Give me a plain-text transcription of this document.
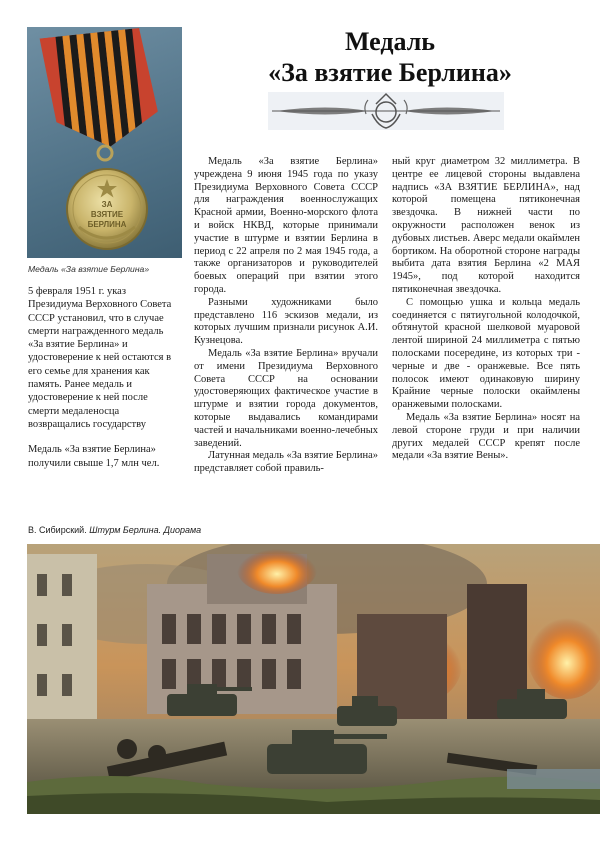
ЗА
ВЗЯТИЕ
БЕРЛИНА
Медаль «За взятие Берлина»
Медаль
«За взятие Берлина»

5 февраля 1951 г. указ Президиума Верховного Совета СССР установил, что в случае смерти награжденного медаль «За взятие Берлина» и удостоверение к ней остаются в его семье для хранения как память. Ранее медаль и удостоверение к ней после смерти медаленосца возвращались государству

Медаль «За взятие Берлина» получили свыше 1,7 млн чел.

Медаль «За взятие Берлина» учреждена 9 июня 1945 года по указу Президиума Верховного Совета СССР для награждения военнослужащих Красной армии, Военно-морского флота и войск НКВД, которые принимали участие в штурме и взятии Берлина в период с 22 апреля по 2 мая 1945 года, а также организаторов и руководителей боевых операций при взятии этого города.

Разными художниками было представлено 116 эскизов медали, из которых лучшим признали рисунок А.И. Кузнецова.

Медаль «За взятие Берлина» вручали от имени Президиума Верховного Совета СССР на основании удостоверяющих фактическое участие в штурме и взятии города документов, которые выдавались командирами частей и начальниками военно-лечебных заведений.

Латунная медаль «За взятие Берлина» представляет собой правиль-

ный круг диаметром 32 миллиметра. В центре ее лицевой стороны выдавлена надпись «ЗА ВЗЯТИЕ БЕРЛИНА», над которой помещена пятиконечная звездочка. В нижней части по окружности расположен венок из дубовых листьев. Аверс медали окаймлен бортиком. На оборотной стороне награды выбита дата взятия Берлина «2 МАЯ 1945», под которой находится пятиконечная звездочка.

С помощью ушка и кольца медаль соединяется с пятиугольной колодочкой, обтянутой красной шелковой муаровой лентой шириной 24 миллиметра с пятью полосками посередине, из которых три - черные и две - оранжевые. Все пять полосок имеют одинаковую ширину Крайние черные полоски окаймлены оранжевыми полосками.

Медаль «За взятие Берлина» носят на левой стороне груди и при наличии других медалей СССР крепят после медали «За взятие Вены».

В. Сибирский. Штурм Берлина. Диорама
